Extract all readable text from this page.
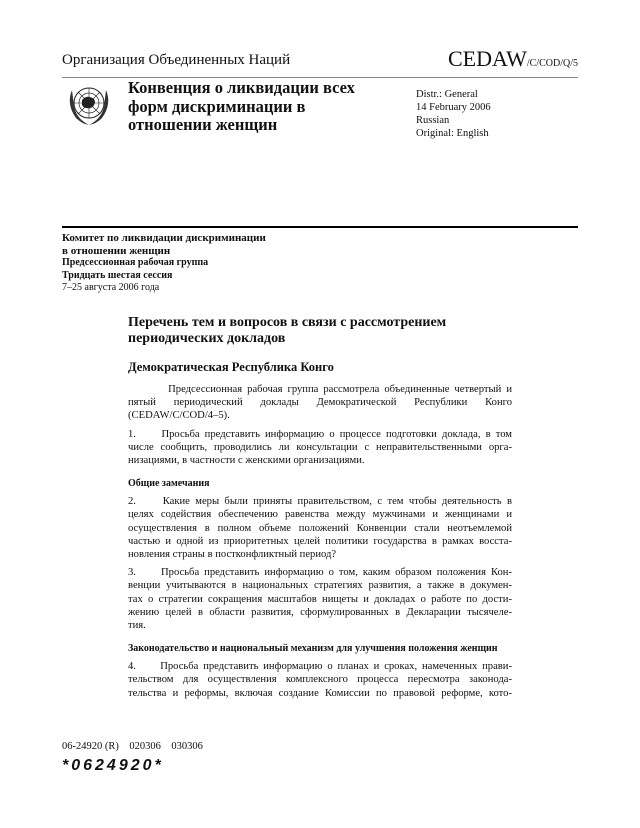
Организация Объединенных Наций	CEDAW/C/COD/Q/5
Конвенция о ликвидации всех форм дискриминации в отношении женщин
Distr.: General
14 February 2006
Russian
Original: English
Комитет по ликвидации дискриминации
в отношении женщин
Предсессионная рабочая группа
Тридцать шестая сессия
7–25 августа 2006 года
Перечень тем и вопросов в связи с рассмотрением периодических докладов
Демократическая Республика Конго
Предсессионная рабочая группа рассмотрела объединенные четвертый и
пятый периодический доклады Демократической Республики Конго
(CEDAW/C/COD/4–5).
1.     Просьба представить информацию о процессе подготовки доклада, в том
числе сообщить, проводились ли консультации с неправительственными орга-
низациями, в частности с женскими организациями.
Общие замечания
2.     Какие меры были приняты правительством, с тем чтобы деятельность в
целях содействия обеспечению равенства между мужчинами и женщинами и
осуществления в полном объеме положений Конвенции стали неотъемлемой
частью и одной из приоритетных целей политики государства в рамках восста-
новления страны в постконфликтный период?
3.     Просьба представить информацию о том, каким образом положения Кон-
венции учитываются в национальных стратегиях развития, а также в докумен-
тах о стратегии сокращения масштабов нищеты и докладах о работе по дости-
жению целей в области развития, сформулированных в Декларации тысячеле-
тия.
Законодательство и национальный механизм для улучшения положения женщин
4.     Просьба представить информацию о планах и сроках, намеченных прави-
тельством для осуществления комплексного процесса пересмотра законода-
тельства и реформы, включая создание Комиссии по правовой реформе, кото-
06-24920 (R)    020306    030306
*0624920*
